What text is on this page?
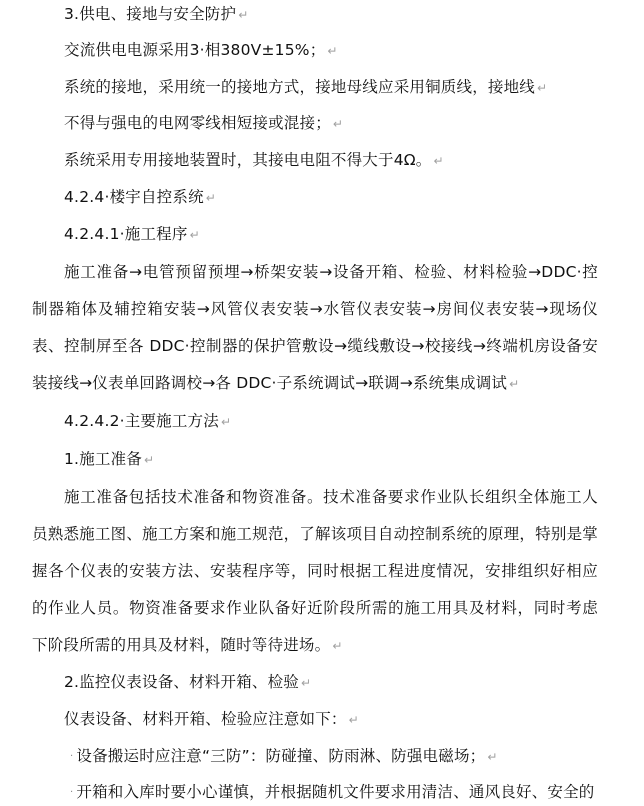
3.供电、接地与安全防护 ↵
交流供电电源采用3·相380V±15%； ↵
系统的接地，采用统一的接地方式，接地母线应采用铜质线，接地线 ↵
不得与强电的电网零线相短接或混接； ↵
系统采用专用接地装置时，其接电电阻不得大于4Ω。 ↵
4.2.4·楼宇自控系统 ↵
4.2.4.1·施工程序 ↵
施工准备→电管预留预埋→桥架安装→设备开箱、检验、材料检验→DDC·控
制器箱体及辅控箱安装→风管仪表安装→水管仪表安装→房间仪表安装→现场仪
表、控制屏至各 DDC·控制器的保护管敷设→缆线敷设→校接线→终端机房设备安
装接线→仪表单回路调校→各 DDC·子系统调试→联调→系统集成调试 ↵
4.2.4.2·主要施工方法 ↵
1.施工准备 ↵
施工准备包括技术准备和物资准备。技术准备要求作业队长组织全体施工人
员熟悉施工图、施工方案和施工规范，了解该项目自动控制系统的原理，特别是掌
握各个仪表的安装方法、安装程序等，同时根据工程进度情况，安排组织好相应
的作业人员。物资准备要求作业队备好近阶段所需的施工用具及材料，同时考虑
下阶段所需的用具及材料，随时等待进场。 ↵
2.监控仪表设备、材料开箱、检验 ↵
仪表设备、材料开箱、检验应注意如下： ↵
· 设备搬运时应注意“三防”：防碰撞、防雨淋、防强电磁场； ↵
· 开箱和入库时要小心谨慎，并根据随机文件要求用清洁、通风良好、安全的
